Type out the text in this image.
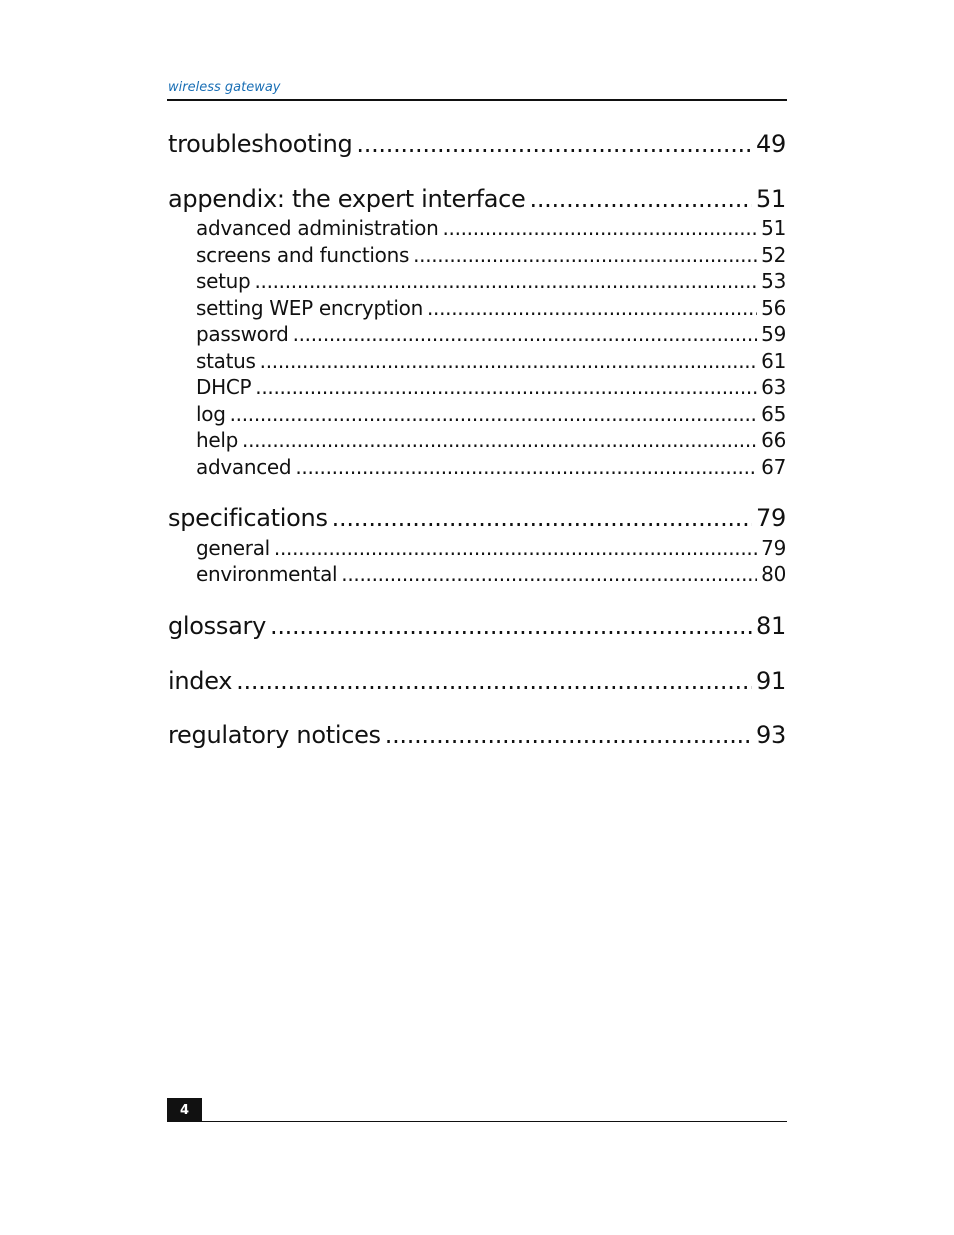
wireless gateway
troubleshooting .....	49
appendix: the expert interface .....	51
advanced administration .....	51
screens and functions .....	52
setup .....	53
setting WEP encryption .....	56
password .....	59
status .....	61
DHCP .....	63
log .....	65
help .....	66
advanced .....	67
specifications .....	79
general .....	79
environmental .....	80
glossary .....	81
index .....	91
regulatory notices .....	93
4
